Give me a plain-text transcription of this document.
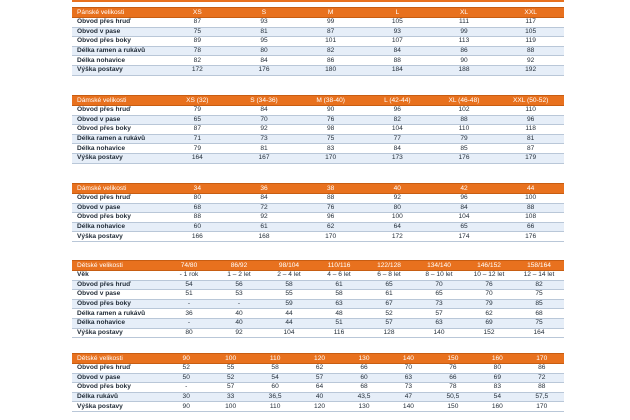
Pánské velikosti	XS	S	M	L	XL	XXL
Obvod přes hruď	87	93	99	105	111	117
Obvod v pase	75	81	87	93	99	105
Obvod přes boky	89	95	101	107	113	119
Délka ramen a rukávů	78	80	82	84	86	88
Délka nohavice	82	84	86	88	90	92
Výška postavy	172	176	180	184	188	192
Dámské velikosti	XS (32)	S (34-36)	M (38-40)	L (42-44)	XL (46-48)	XXL (50-52)
Obvod přes hruď	79	84	90	96	102	110
Obvod v pase	65	70	76	82	88	96
Obvod přes boky	87	92	98	104	110	118
Délka ramen a rukávů	71	73	75	77	79	81
Délka nohavice	79	81	83	84	85	87
Výška postavy	164	167	170	173	176	179
Dámské velikosti	34	36	38	40	42	44
Obvod přes hruď	80	84	88	92	96	100
Obvod v pase	68	72	76	80	84	88
Obvod přes boky	88	92	96	100	104	108
Délka nohavice	60	61	62	64	65	66
Výška postavy	166	168	170	172	174	176
Dětské velikosti	74/80	86/92	98/104	110/116	122/128	134/140	146/152	158/164
Věk	- 1 rok	1 – 2 let	2 – 4 let	4 – 6 let	6 – 8 let	8 – 10 let	10 – 12 let	12 – 14 let
Obvod přes hruď	54	56	58	61	65	70	76	82
Obvod v pase	51	53	55	58	61	65	70	75
Obvod přes boky	-	-	59	63	67	73	79	85
Délka ramen a rukávů	36	40	44	48	52	57	62	68
Délka nohavice	-	40	44	51	57	63	69	75
Výška postavy	80	92	104	116	128	140	152	164
Dětské velikosti	90	100	110	120	130	140	150	160	170
Obvod přes hruď	52	55	58	62	66	70	76	80	86
Obvod v pase	50	52	54	57	60	63	66	69	72
Obvod přes boky	-	57	60	64	68	73	78	83	88
Délka rukávů	30	33	36,5	40	43,5	47	50,5	54	57,5
Výška postavy	90	100	110	120	130	140	150	160	170
